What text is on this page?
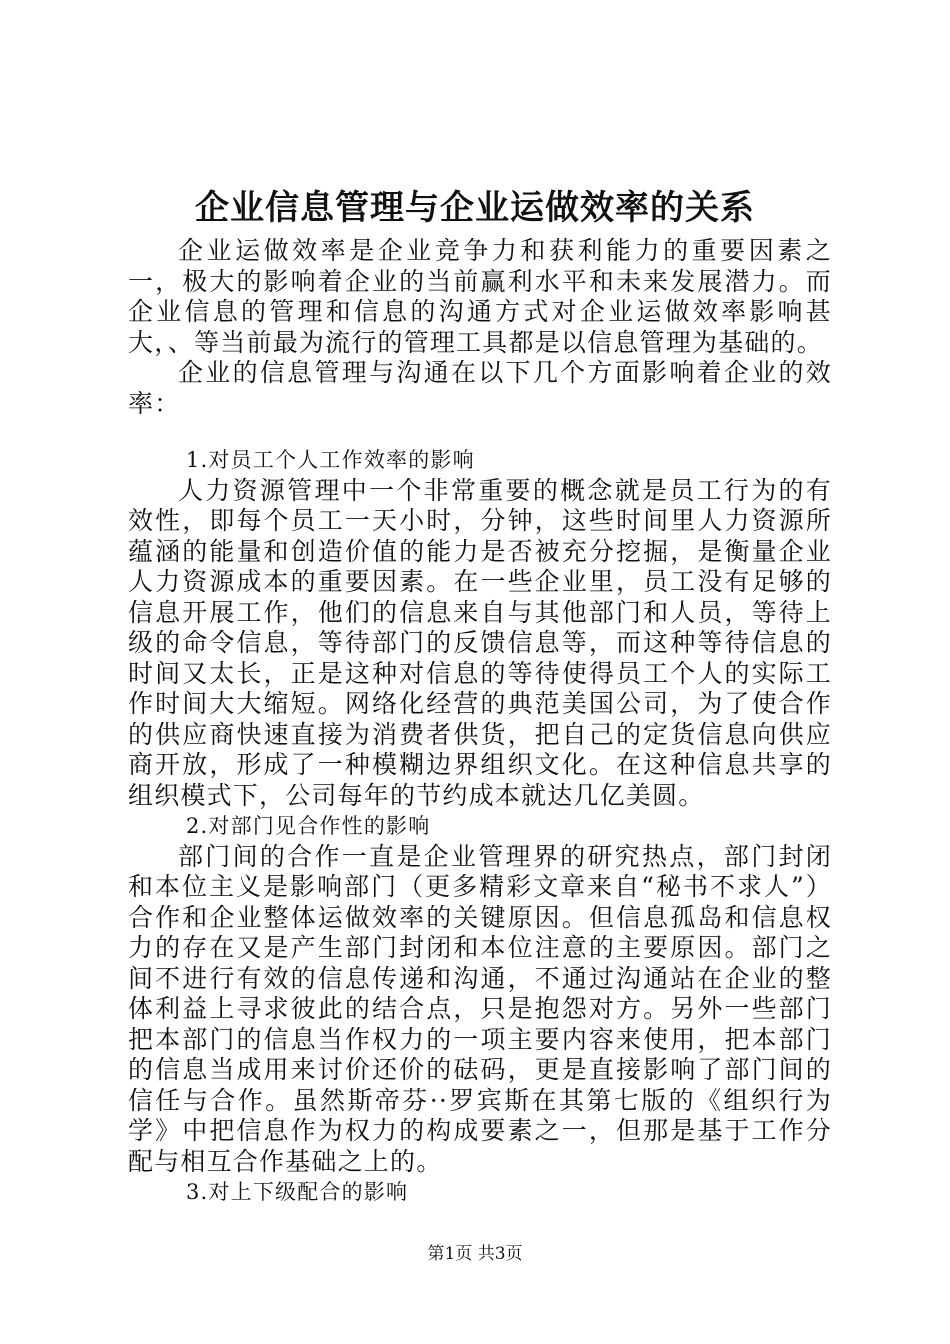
企业信息管理与企业运做效率的关系

企业运做效率是企业竞争力和获利能力的重要因素之一，极大的影响着企业的当前赢利水平和未来发展潜力。而企业信息的管理和信息的沟通方式对企业运做效率影响甚大，、等当前最为流行的管理工具都是以信息管理为基础的。

企业的信息管理与沟通在以下几个方面影响着企业的效率：

1.对员工个人工作效率的影响

人力资源管理中一个非常重要的概念就是员工行为的有效性，即每个员工一天小时，分钟，这些时间里人力资源所蕴涵的能量和创造价值的能力是否被充分挖掘，是衡量企业人力资源成本的重要因素。在一些企业里，员工没有足够的信息开展工作，他们的信息来自与其他部门和人员，等待上级的命令信息，等待部门的反馈信息等，而这种等待信息的时间又太长，正是这种对信息的等待使得员工个人的实际工作时间大大缩短。网络化经营的典范美国公司，为了使合作的供应商快速直接为消费者供货，把自己的定货信息向供应商开放，形成了一种模糊边界组织文化。在这种信息共享的组织模式下，公司每年的节约成本就达几亿美圆。

2.对部门见合作性的影响

部门间的合作一直是企业管理界的研究热点，部门封闭和本位主义是影响部门（更多精彩文章来自“秘书不求人”）合作和企业整体运做效率的关键原因。但信息孤岛和信息权力的存在又是产生部门封闭和本位注意的主要原因。部门之间不进行有效的信息传递和沟通，不通过沟通站在企业的整体利益上寻求彼此的结合点，只是抱怨对方。另外一些部门把本部门的信息当作权力的一项主要内容来使用，把本部门的信息当成用来讨价还价的砝码，更是直接影响了部门间的信任与合作。虽然斯帝芬··罗宾斯在其第七版的《组织行为学》中把信息作为权力的构成要素之一，但那是基于工作分配与相互合作基础之上的。

3.对上下级配合的影响

第1页 共3页
